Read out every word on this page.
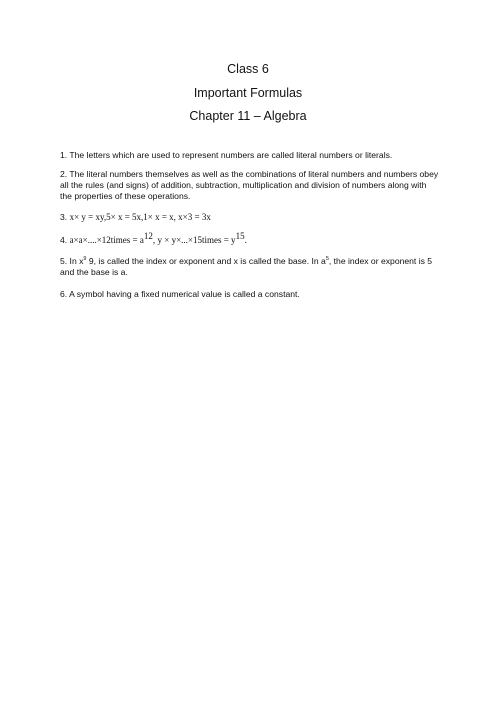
Class 6
Important Formulas
Chapter 11 – Algebra
1. The letters which are used to represent numbers are called literal numbers or literals.
2. The literal numbers themselves as well as the combinations of literal numbers and numbers obey all the rules (and signs) of addition, subtraction, multiplication and division of numbers along with the properties of these operations.
3. x× y = xy,5× x = 5x,1× x = x, x×3 = 3x
4. a×a×....×12times = $a^{12}$, y × y×...×15times = $y^{15}$.
5. In $x^9$ 9, is called the index or exponent and x is called the base. In $a^5$, the index or exponent is 5 and the base is a.
6. A symbol having a fixed numerical value is called a constant.
